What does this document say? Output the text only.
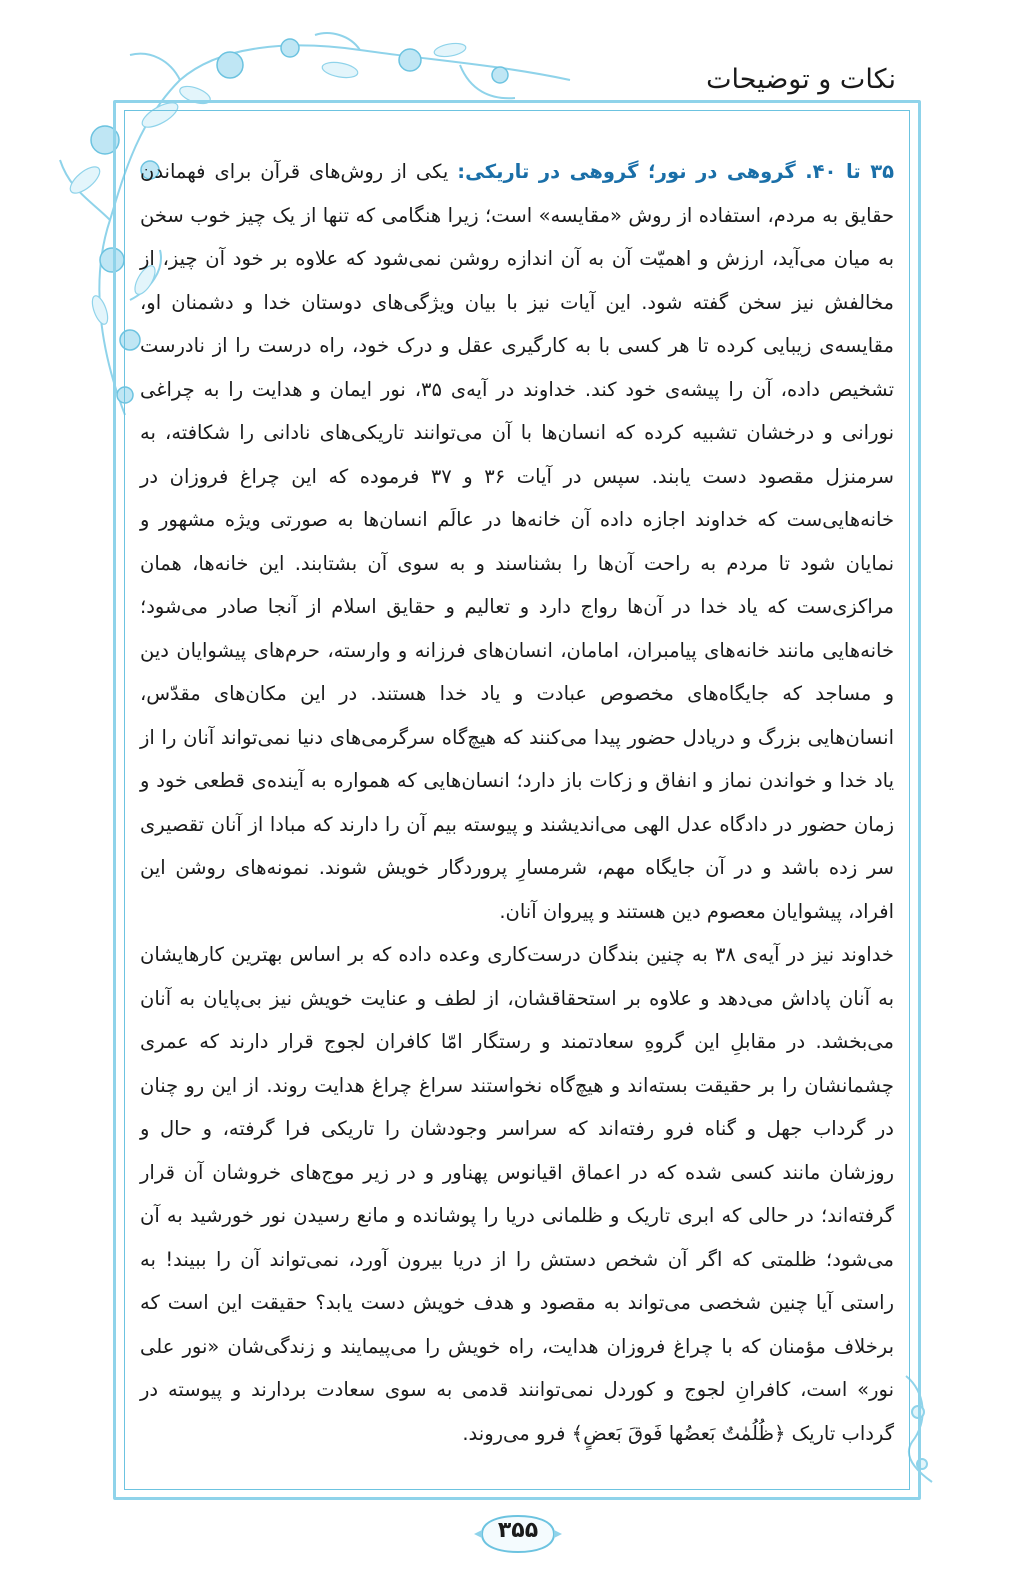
نکات و توضیحات

۳۵ تا ۴۰. گروهی در نور؛ گروهی در تاریکی: یکی از روش‌های قرآن برای فهماندن حقایق به مردم، استفاده از روش «مقایسه» است؛ زیرا هنگامی که تنها از یک چیز خوب سخن به میان می‌آید، ارزش و اهمیّت آن به آن اندازه روشن نمی‌شود که علاوه بر خود آن چیز، از مخالفش نیز سخن گفته شود. این آیات نیز با بیان ویژگی‌های دوستان خدا و دشمنان او، مقایسه‌ی زیبایی کرده تا هر کسی با به کارگیری عقل و درک خود، راه درست را از نادرست تشخیص داده، آن را پیشه‌ی خود کند. خداوند در آیه‌ی ۳۵، نور ایمان و هدایت را به چراغی نورانی و درخشان تشبیه کرده که انسان‌ها با آن می‌توانند تاریکی‌های نادانی را شکافته، به سرمنزل مقصود دست یابند. سپس در آیات ۳۶ و ۳۷ فرموده که این چراغ فروزان در خانه‌هایی‌ست که خداوند اجازه داده آن خانه‌ها در عالَم انسان‌ها به صورتی ویژه مشهور و نمایان شود تا مردم به راحت آن‌ها را بشناسند و به سوی آن بشتابند. این خانه‌ها، همان مراکزی‌ست که یاد خدا در آن‌ها رواج دارد و تعالیم و حقایق اسلام از آنجا صادر می‌شود؛ خانه‌هایی مانند خانه‌های پیامبران، امامان، انسان‌های فرزانه و وارسته، حرم‌های پیشوایان دین و مساجد که جایگاه‌های مخصوص عبادت و یاد خدا هستند. در این مکان‌های مقدّس، انسان‌هایی بزرگ و دریادل حضور پیدا می‌کنند که هیچ‌گاه سرگرمی‌های دنیا نمی‌تواند آنان را از یاد خدا و خواندن نماز و انفاق و زکات باز دارد؛ انسان‌هایی که همواره به آینده‌ی قطعی خود و زمان حضور در دادگاه عدل الهی می‌اندیشند و پیوسته بیم آن را دارند که مبادا از آنان تقصیری سر زده باشد و در آن جایگاه مهم، شرمسارِ پروردگار خویش شوند. نمونه‌های روشن این افراد، پیشوایان معصوم دین هستند و پیروان آنان.

خداوند نیز در آیه‌ی ۳۸ به چنین بندگان درست‌کاری وعده داده که بر اساس بهترین کارهایشان به آنان پاداش می‌دهد و علاوه بر استحقاقشان، از لطف و عنایت خویش نیز بی‌پایان به آنان می‌بخشد. در مقابلِ این گروهِ سعادتمند و رستگار امّا کافران لجوج قرار دارند که عمری چشمانشان را بر حقیقت بسته‌اند و هیچ‌گاه نخواستند سراغ چراغ هدایت روند. از این رو چنان در گرداب جهل و گناه فرو رفته‌اند که سراسر وجودشان را تاریکی فرا گرفته، و حال و روزشان مانند کسی شده که در اعماق اقیانوس پهناور و در زیر موج‌های خروشان آن قرار گرفته‌اند؛ در حالی که ابری تاریک و ظلمانی دریا را پوشانده و مانع رسیدن نور خورشید به آن می‌شود؛ ظلمتی که اگر آن شخص دستش را از دریا بیرون آورد، نمی‌تواند آن را ببیند! به راستی آیا چنین شخصی می‌تواند به مقصود و هدف خویش دست یابد؟ حقیقت این است که برخلاف مؤمنان که با چراغ فروزان هدایت، راه خویش را می‌پیمایند و زندگی‌شان «نور علی نور» است، کافرانِ لجوج و کوردل نمی‌توانند قدمی به سوی سعادت بردارند و پیوسته در گرداب تاریک ﴿ظُلُمٰتٌ بَعضُها فَوقَ بَعضٍ﴾ فرو می‌روند.

۳۵۵
